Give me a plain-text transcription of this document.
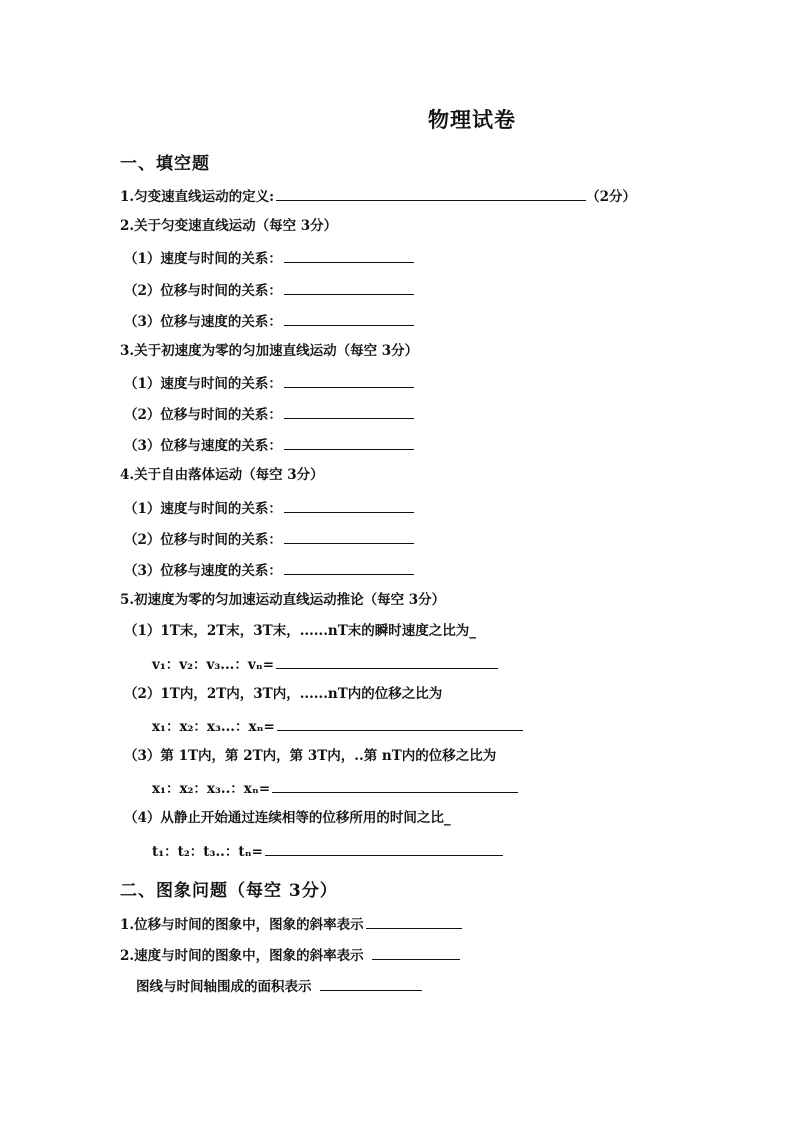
物理试卷
一、填空题
1.匀变速直线运动的定义:	（2分）
2.关于匀变速直线运动（每空 3分）
（1）速度与时间的关系：
（2）位移与时间的关系：
（3）位移与速度的关系：
3.关于初速度为零的匀加速直线运动（每空 3分）
（1）速度与时间的关系：
（2）位移与时间的关系：
（3）位移与速度的关系：
4.关于自由落体运动（每空 3分）
（1）速度与时间的关系：
（2）位移与时间的关系：
（3）位移与速度的关系：
5.初速度为零的匀加速运动直线运动推论（每空 3分）
（1）1T末，2T末，3T末，......nT末的瞬时速度之比为_
v₁：v₂：v₃...：vₙ=
（2）1T内，2T内，3T内，......nT内的位移之比为
x₁：x₂：x₃...：xₙ=
（3）第 1T内，第 2T内，第 3T内，..第 nT内的位移之比为
x₁：x₂：x₃..：xₙ=
（4）从静止开始通过连续相等的位移所用的时间之比_
t₁：t₂：t₃..：tₙ=
二、图象问题（每空 3分）
1.位移与时间的图象中，图象的斜率表示
2.速度与时间的图象中，图象的斜率表示
图线与时间轴围成的面积表示
